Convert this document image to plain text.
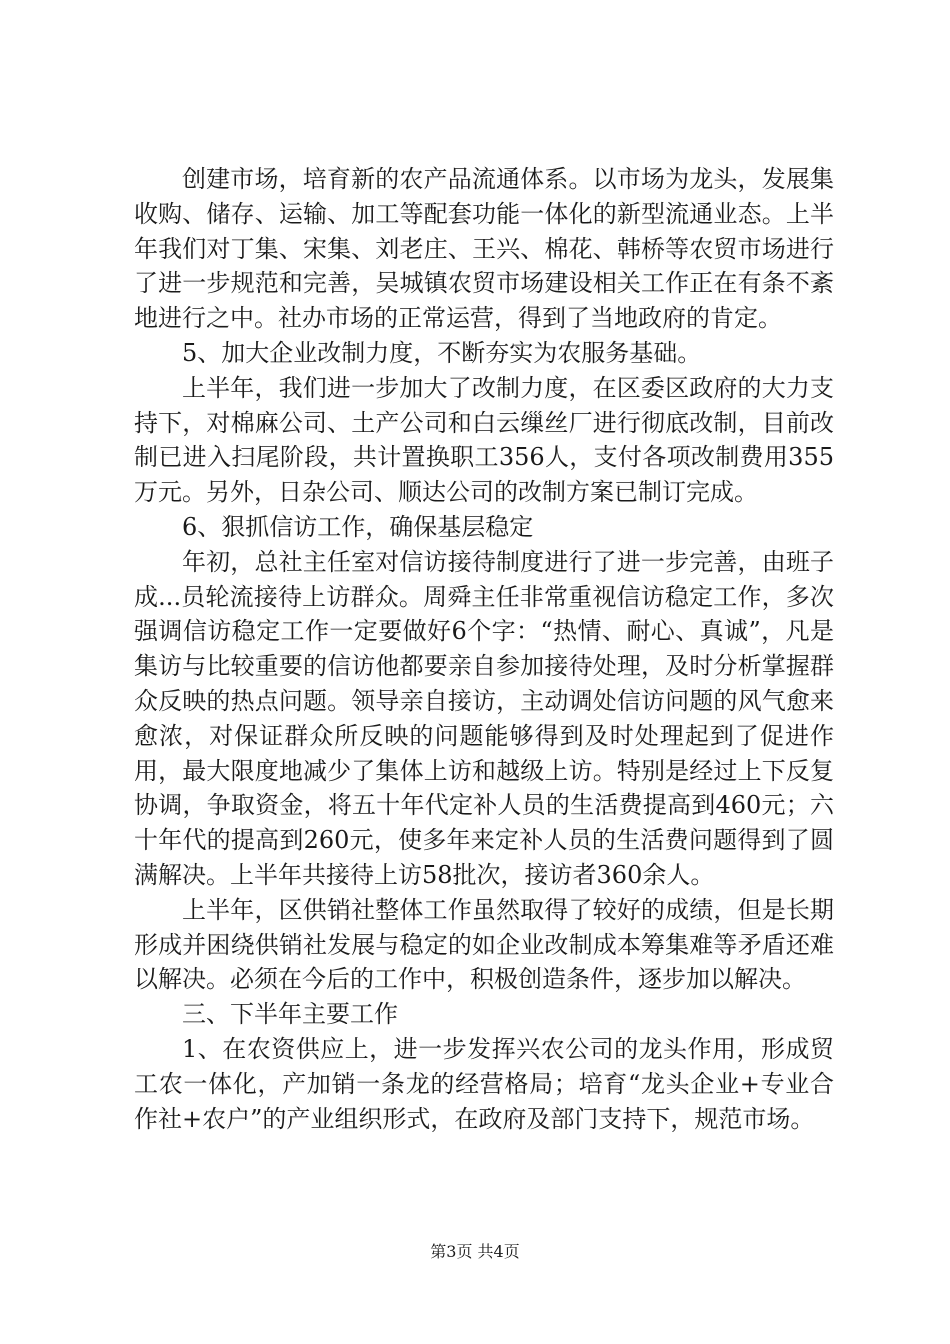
创建市场，培育新的农产品流通体系。以市场为龙头，发展集收购、储存、运输、加工等配套功能一体化的新型流通业态。上半年我们对丁集、宋集、刘老庄、王兴、棉花、韩桥等农贸市场进行了进一步规范和完善，吴城镇农贸市场建设相关工作正在有条不紊地进行之中。社办市场的正常运营，得到了当地政府的肯定。

5、加大企业改制力度，不断夯实为农服务基础。

上半年，我们进一步加大了改制力度，在区委区政府的大力支持下，对棉麻公司、土产公司和白云缫丝厂进行彻底改制，目前改制已进入扫尾阶段，共计置换职工356人，支付各项改制费用355万元。另外，日杂公司、顺达公司的改制方案已制订完成。

6、狠抓信访工作，确保基层稳定

年初，总社主任室对信访接待制度进行了进一步完善，由班子成...员轮流接待上访群众。周舜主任非常重视信访稳定工作，多次强调信访稳定工作一定要做好6个字：“热情、耐心、真诚”，凡是集访与比较重要的信访他都要亲自参加接待处理，及时分析掌握群众反映的热点问题。领导亲自接访，主动调处信访问题的风气愈来愈浓，对保证群众所反映的问题能够得到及时处理起到了促进作用，最大限度地减少了集体上访和越级上访。特别是经过上下反复协调，争取资金，将五十年代定补人员的生活费提高到460元；六十年代的提高到260元，使多年来定补人员的生活费问题得到了圆满解决。上半年共接待上访58批次，接访者360余人。

上半年，区供销社整体工作虽然取得了较好的成绩，但是长期形成并困绕供销社发展与稳定的如企业改制成本筹集难等矛盾还难以解决。必须在今后的工作中，积极创造条件，逐步加以解决。

三、下半年主要工作

1、在农资供应上，进一步发挥兴农公司的龙头作用，形成贸工农一体化，产加销一条龙的经营格局；培育“龙头企业+专业合作社+农户”的产业组织形式，在政府及部门支持下，规范市场。

第3页 共4页
